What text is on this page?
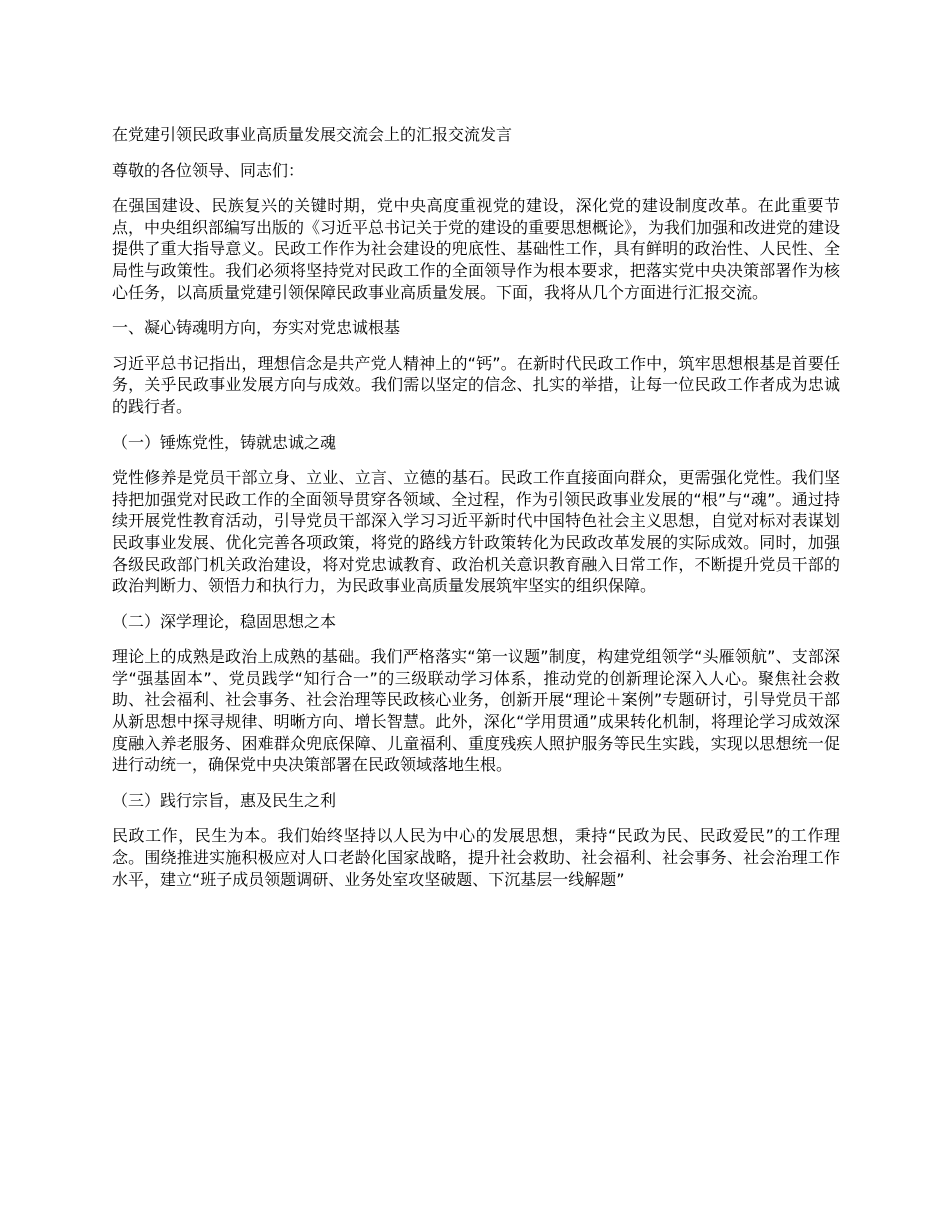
在党建引领民政事业高质量发展交流会上的汇报交流发言

尊敬的各位领导、同志们：

在强国建设、民族复兴的关键时期，党中央高度重视党的建设，深化党的建设制度改革。在此重要节点，中央组织部编写出版的《习近平总书记关于党的建设的重要思想概论》，为我们加强和改进党的建设提供了重大指导意义。民政工作作为社会建设的兜底性、基础性工作，具有鲜明的政治性、人民性、全局性与政策性。我们必须将坚持党对民政工作的全面领导作为根本要求，把落实党中央决策部署作为核心任务，以高质量党建引领保障民政事业高质量发展。下面，我将从几个方面进行汇报交流。

一、凝心铸魂明方向，夯实对党忠诚根基

习近平总书记指出，理想信念是共产党人精神上的“钙”。在新时代民政工作中，筑牢思想根基是首要任务，关乎民政事业发展方向与成效。我们需以坚定的信念、扎实的举措，让每一位民政工作者成为忠诚的践行者。

（一）锤炼党性，铸就忠诚之魂

党性修养是党员干部立身、立业、立言、立德的基石。民政工作直接面向群众，更需强化党性。我们坚持把加强党对民政工作的全面领导贯穿各领域、全过程，作为引领民政事业发展的“根”与“魂”。通过持续开展党性教育活动，引导党员干部深入学习习近平新时代中国特色社会主义思想，自觉对标对表谋划民政事业发展、优化完善各项政策，将党的路线方针政策转化为民政改革发展的实际成效。同时，加强各级民政部门机关政治建设，将对党忠诚教育、政治机关意识教育融入日常工作，不断提升党员干部的政治判断力、领悟力和执行力，为民政事业高质量发展筑牢坚实的组织保障。

（二）深学理论，稳固思想之本

理论上的成熟是政治上成熟的基础。我们严格落实“第一议题”制度，构建党组领学“头雁领航”、支部深学“强基固本”、党员践学“知行合一”的三级联动学习体系，推动党的创新理论深入人心。聚焦社会救助、社会福利、社会事务、社会治理等民政核心业务，创新开展“理论＋案例”专题研讨，引导党员干部从新思想中探寻规律、明晰方向、增长智慧。此外，深化“学用贯通”成果转化机制，将理论学习成效深度融入养老服务、困难群众兜底保障、儿童福利、重度残疾人照护服务等民生实践，实现以思想统一促进行动统一，确保党中央决策部署在民政领域落地生根。

（三）践行宗旨，惠及民生之利

民政工作，民生为本。我们始终坚持以人民为中心的发展思想，秉持“民政为民、民政爱民”的工作理念。围绕推进实施积极应对人口老龄化国家战略，提升社会救助、社会福利、社会事务、社会治理工作水平，建立“班子成员领题调研、业务处室攻坚破题、下沉基层一线解题”
